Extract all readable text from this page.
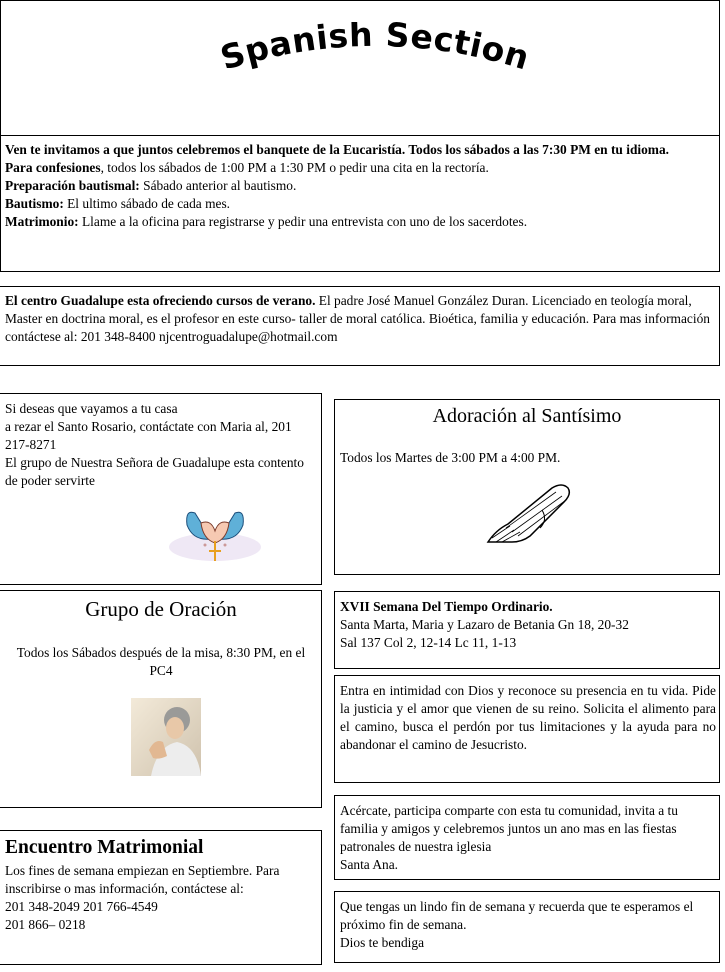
Spanish Section

Ven te invitamos a que juntos celebremos el banquete de la Eucaristía. Todos los sábados a las 7:30 PM en tu idioma.

Para confesiones, todos los sábados de 1:00 PM a 1:30 PM o pedir una cita en la rectoría.

Preparación bautismal: Sábado anterior al bautismo.

Bautismo: El ultimo sábado de cada mes.

Matrimonio: Llame a la oficina para registrarse y pedir una entrevista con uno de los sacerdotes.

El centro Guadalupe esta ofreciendo cursos de verano. El padre José Manuel González Duran. Licenciado en teología moral, Master en doctrina moral, es el profesor en este curso- taller de moral católica. Bioética, familia y educación. Para mas información contáctese al: 201 348-8400 njcentroguadalupe@hotmail.com

Si deseas que vayamos a tu casa

a rezar el Santo Rosario, contáctate con Maria al, 201 217-8271

El grupo de Nuestra Señora de Guadalupe esta contento de poder servirte

Adoración al Santísimo
Todos los Martes de 3:00 PM a 4:00 PM.
Grupo de Oración
Todos los Sábados después de la misa, 8:30 PM, en el PC4

XVII Semana Del Tiempo Ordinario.

Santa Marta, Maria y Lazaro de Betania Gn 18, 20-32

Sal 137 Col 2, 12-14 Lc 11, 1-13

Entra en intimidad con Dios y reconoce su presencia en tu vida. Pide la justicia y el amor que vienen de su reino. Solicita el alimento para el camino, busca el perdón por tus limitaciones y la ayuda para no abandonar el camino de Jesucristo.

Acércate, participa comparte con esta tu comunidad, invita a tu familia y amigos y celebremos juntos un ano mas en las fiestas patronales de nuestra iglesia

Santa Ana.

Encuentro Matrimonial

Los fines de semana empiezan en Septiembre. Para inscribirse o mas información, contáctese al:

201 348-2049 201 766-4549

201 866– 0218

Que tengas un lindo fin de semana y recuerda que te esperamos el próximo fin de semana.

Dios te bendiga
